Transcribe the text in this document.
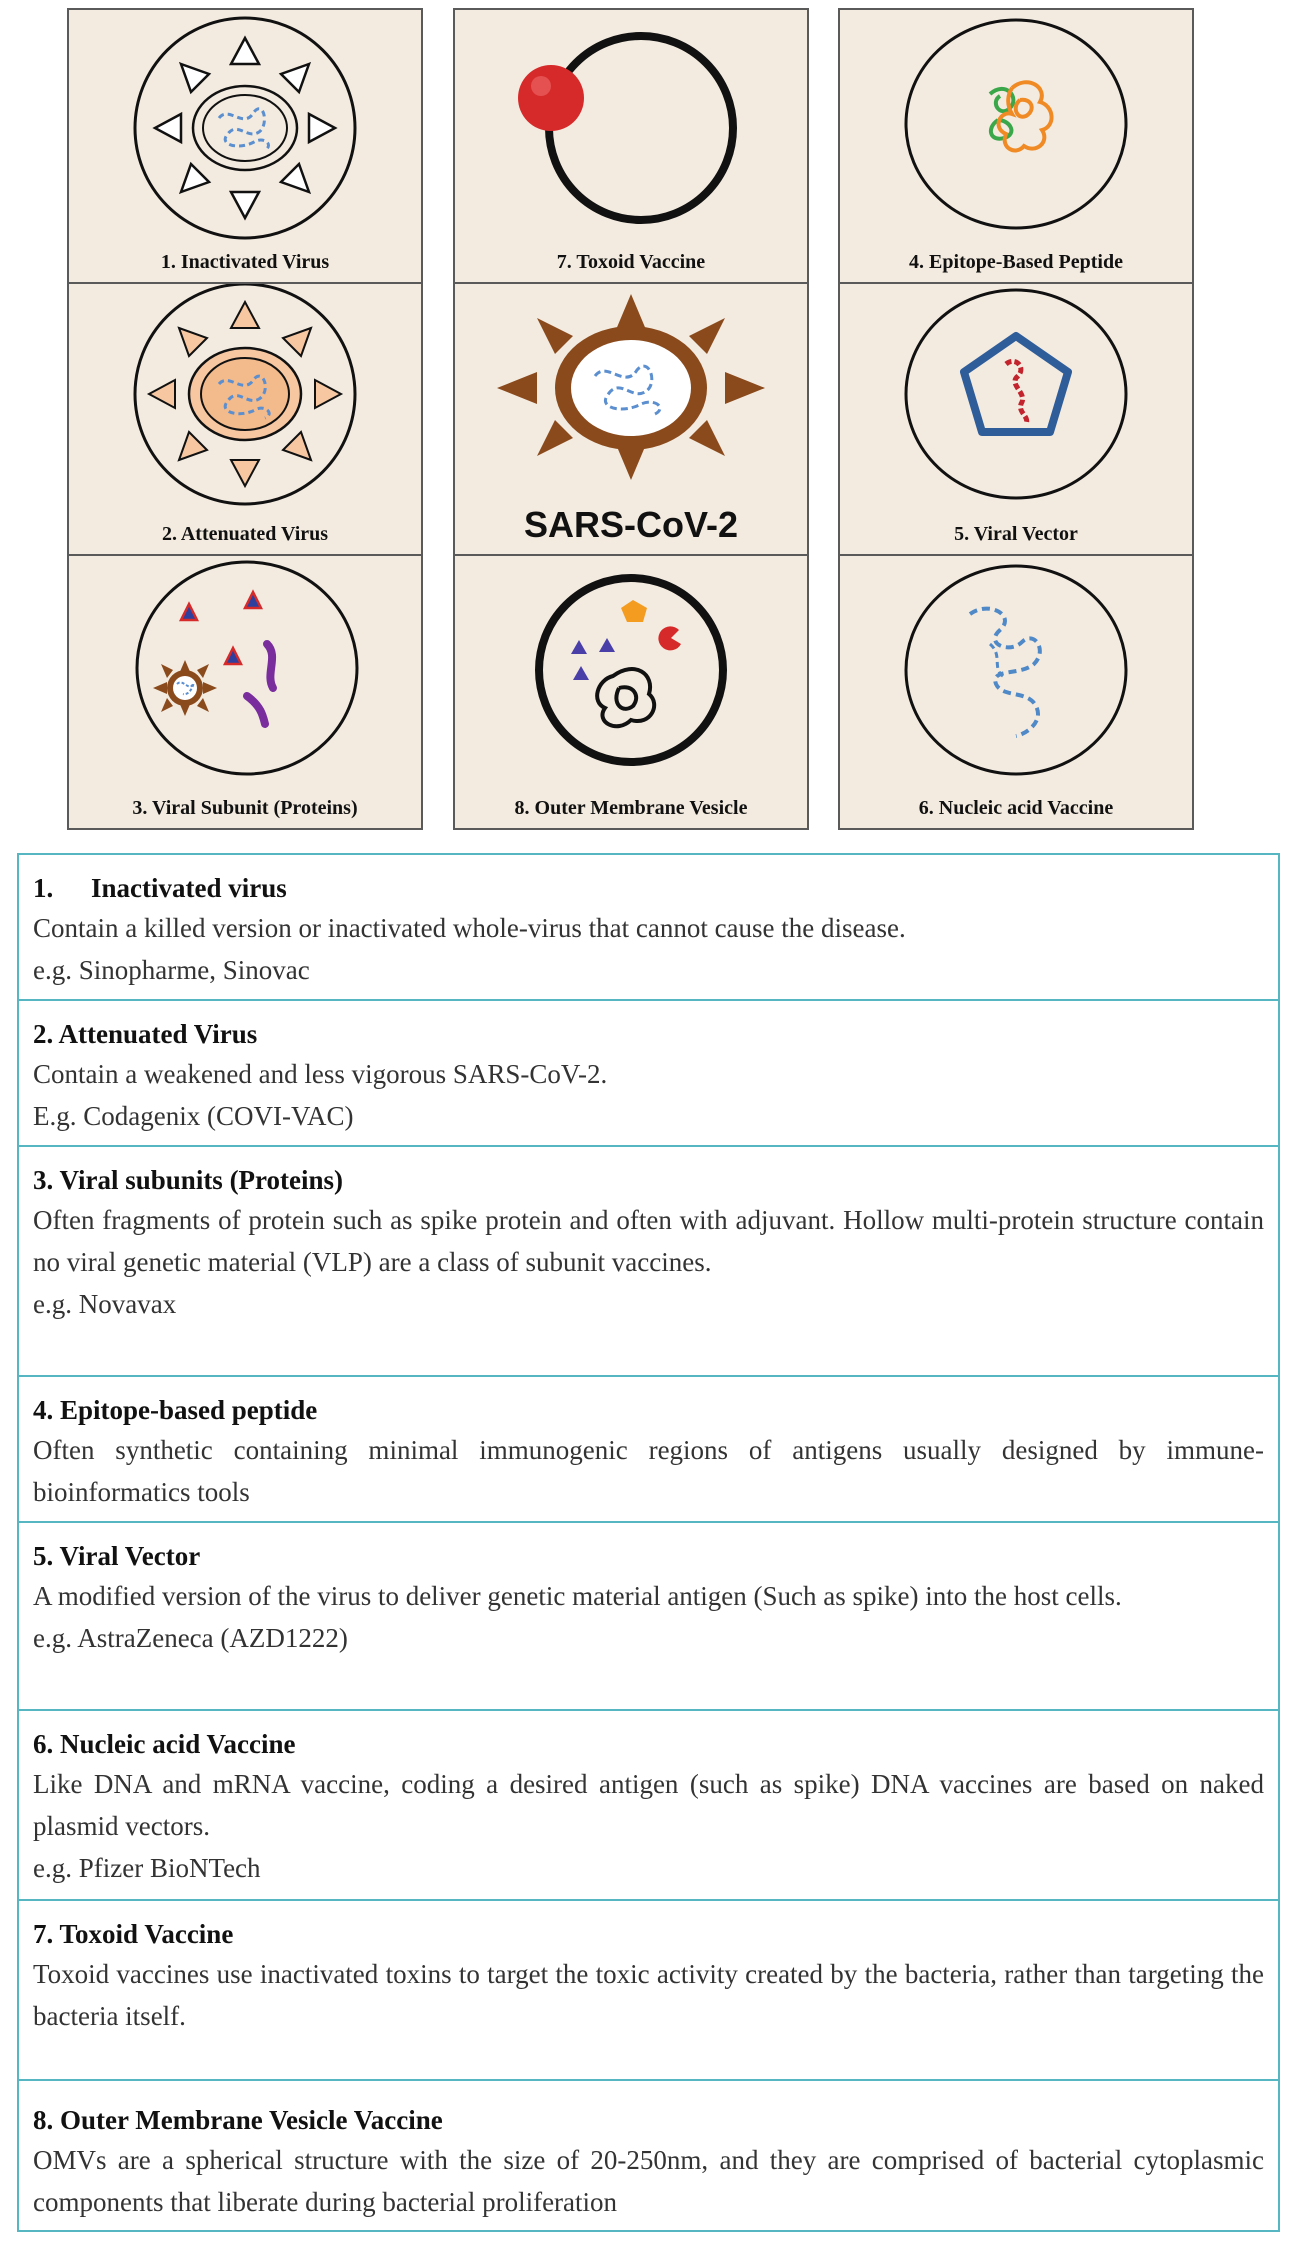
1. Inactivated Virus
2. Attenuated Virus
3. Viral Subunit (Proteins)
7. Toxoid Vaccine
SARS-CoV-2
8. Outer Membrane Vesicle
4. Epitope-Based Peptide
5. Viral Vector
6. Nucleic acid Vaccine

1. Inactivated virus

Contain a killed version or inactivated whole-virus that cannot cause the disease.

e.g. Sinopharme, Sinovac

2. Attenuated Virus

Contain a weakened and less vigorous SARS-CoV-2.

E.g. Codagenix (COVI-VAC)

3. Viral subunits (Proteins)

Often fragments of protein such as spike protein and often with adjuvant. Hollow multi-protein structure contain no viral genetic material (VLP) are a class of subunit vaccines.

e.g. Novavax

4. Epitope-based peptide

Often synthetic containing minimal immunogenic regions of antigens usually designed by immune-bioinformatics tools

5. Viral Vector

A modified version of the virus to deliver genetic material antigen (Such as spike) into the host cells.

e.g. AstraZeneca (AZD1222)

6. Nucleic acid Vaccine

Like DNA and mRNA vaccine, coding a desired antigen (such as spike) DNA vaccines are based on naked plasmid vectors.

e.g. Pfizer BioNTech

7. Toxoid Vaccine

Toxoid vaccines use inactivated toxins to target the toxic activity created by the bacteria, rather than targeting the bacteria itself.

8. Outer Membrane Vesicle Vaccine

OMVs are a spherical structure with the size of 20-250nm, and they are comprised of bacterial cytoplasmic components that liberate during bacterial proliferation
